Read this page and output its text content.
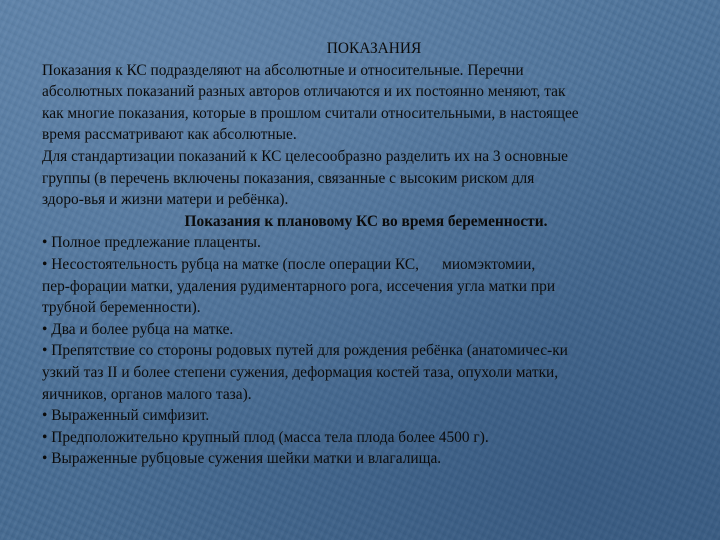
ПОКАЗАНИЯ
Показания к КС подразделяют на абсолютные и относительные. Перечни
абсолютных показаний разных авторов отличаются и их постоянно меняют, так
как многие показания, которые в прошлом считали относительными, в настоящее
время рассматривают как абсолютные.
Для стандартизации показаний к КС целесообразно разделить их на 3 основные
группы (в перечень включены показания, связанные с высоким риском для
здоро-вья и жизни матери и ребёнка).
Показания к плановому КС во время беременности.
• Полное предлежание плаценты.
• Несостоятельность рубца на матке (после операции КС,      миомэктомии,
пер-форации матки, удаления рудиментарного рога, иссечения угла матки при
трубной беременности).
• Два и более рубца на матке.
• Препятствие со стороны родовых путей для рождения ребёнка (анатомичес-ки
узкий таз II и более степени сужения, деформация костей таза, опухоли матки,
яичников, органов малого таза).
• Выраженный симфизит.
• Предположительно крупный плод (масса тела плода более 4500 г).
• Выраженные рубцовые сужения шейки матки и влагалища.
